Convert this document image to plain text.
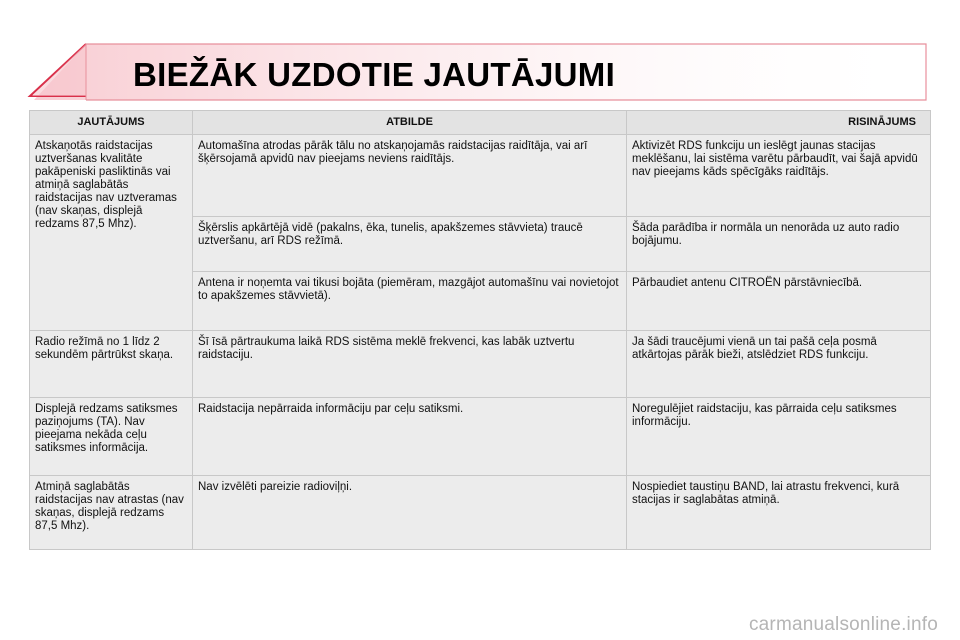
BIEŽĀK UZDOTIE JAUTĀJUMI
JAUTĀJUMS	ATBILDE	RISINĀJUMS
Atskaņotās raidstacijas uztveršanas kvalitāte pakāpeniski pasliktinās vai atmiņā saglabātās raidstacijas nav uztveramas (nav skaņas, displejā redzams 87,5 Mhz).	Automašīna atrodas pārāk tālu no atskaņojamās raidstacijas raidītāja, vai arī šķērsojamā apvidū nav pieejams neviens raidītājs.	Aktivizēt RDS funkciju un ieslēgt jaunas stacijas meklēšanu, lai sistēma varētu pārbaudīt, vai šajā apvidū nav pieejams kāds spēcīgāks raidītājs.
	Šķērslis apkārtējā vidē (pakalns, ēka, tunelis, apakšzemes stāvvieta) traucē uztveršanu, arī RDS režīmā.	Šāda parādība ir normāla un nenorāda uz auto radio bojājumu.
	Antena ir noņemta vai tikusi bojāta (piemēram, mazgājot automašīnu vai novietojot to apakšzemes stāvvietā).	Pārbaudiet antenu CITROËN pārstāvniecībā.
Radio režīmā no 1 līdz 2 sekundēm pārtrūkst skaņa.	Šī īsā pārtraukuma laikā RDS sistēma meklē frekvenci, kas labāk uztvertu raidstaciju.	Ja šādi traucējumi vienā un tai pašā ceļa posmā atkārtojas pārāk bieži, atslēdziet RDS funkciju.
Displejā redzams satiksmes paziņojums (TA). Nav pieejama nekāda ceļu satiksmes informācija.	Raidstacija nepārraida informāciju par ceļu satiksmi.	Noregulējiet raidstaciju, kas pārraida ceļu satiksmes informāciju.
Atmiņā saglabātās raidstacijas nav atrastas (nav skaņas, displejā redzams 87,5 Mhz).	Nav izvēlēti pareizie radioviļņi.	Nospiediet taustiņu BAND, lai atrastu frekvenci, kurā stacijas ir saglabātas atmiņā.
carmanualsonline.info
